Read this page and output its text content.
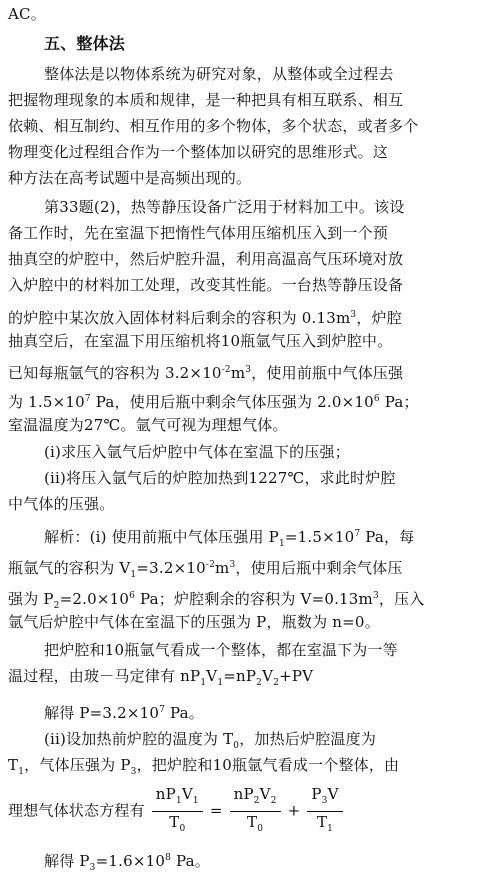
AC。
五、整体法
整体法是以物体系统为研究对象，从整体或全过程去
把握物理现象的本质和规律，是一种把具有相互联系、相互
依赖、相互制约、相互作用的多个物体，多个状态，或者多个
物理变化过程组合作为一个整体加以研究的思维形式。这
种方法在高考试题中是高频出现的。
第33题(2)，热等静压设备广泛用于材料加工中。该设
备工作时，先在室温下把惰性气体用压缩机压入到一个预
抽真空的炉腔中，然后炉腔升温，利用高温高气压环境对放
入炉腔中的材料加工处理，改变其性能。一台热等静压设备
的炉腔中某次放入固体材料后剩余的容积为 $0.13m^3$，炉腔
抽真空后，在室温下用压缩机将10瓶氩气压入到炉腔中。
已知每瓶氩气的容积为 $3.2\times 10^{-2}m^3$，使用前瓶中气体压强
为 $1.5\times 10^7$ Pa，使用后瓶中剩余气体压强为 $2.0\times 10^6$ Pa；
室温温度为27℃。氩气可视为理想气体。
(i)求压入氩气后炉腔中气体在室温下的压强；
(ii)将压入氩气后的炉腔加热到1227℃，求此时炉腔
中气体的压强。
解析：(i) 使用前瓶中气体压强用 $P_1=1.5\times 10^7$ Pa，每
瓶氩气的容积为 $V_1=3.2\times 10^{-2}m^3$，使用后瓶中剩余气体压
强为 $P_2=2.0\times 10^6$ Pa；炉腔剩余的容积为 $V=0.13m^3$，压入
氩气后炉腔中气体在室温下的压强为 P，瓶数为 n=0。
把炉腔和10瓶氩气看成一个整体，都在室温下为一等
温过程，由玻－马定律有 $nP_1V_1=nP_2V_2+PV$
解得 $P=3.2\times 10^7$ Pa。
(ii)设加热前炉腔的温度为 $T_0$，加热后炉腔温度为
$T_1$，气体压强为 $P_3$，把炉腔和10瓶氩气看成一个整体，由
理想气体状态方程有 $\frac{nP_1V_1}{T_0} = \frac{nP_2V_2}{T_0} + \frac{P_3V}{T_1}$
解得 $P_3=1.6\times 10^8$ Pa。
